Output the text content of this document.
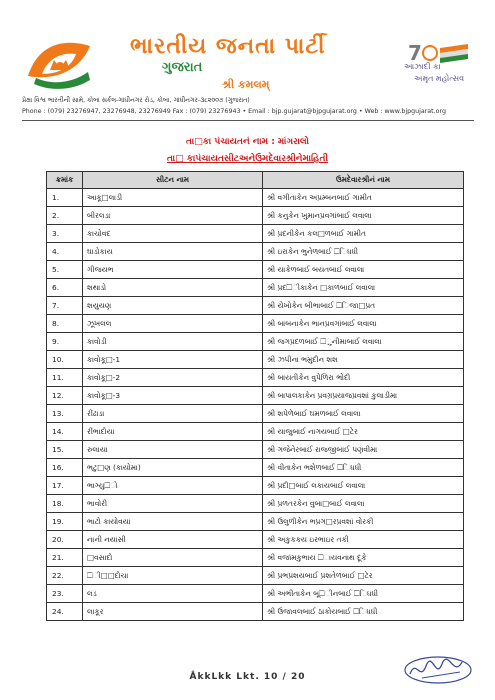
ભારતીય જનતા પાર્ટી
ગુજરાત
શ્રી કમલમ્
7
આઝાદી કા
અમૃત મહોત્સવ
પ્રેક્ષા વિશ્વ ભારતીની સામે, કોબા સર્કલ-ગાંધીનગર રોડ, કોબા, ગાંધીનગર-૩૮૨૦૦૭ (ગુજરાત)
Phone : (079) 23276947, 23276948, 23276949 Fax : (079) 23276943 • Email : bjp.gujarat@bjpgujarat.org • Web : www.bjpgujarat.org
તા□કા પંચાયતનં નામ : માંગરાલો
તા□ કાપંચાયતસીટઅનેઉમદેવારશ્રીનેમાહિતી
ક્રમાંક	સીટન નામ	ઉમદેવારશ્રીનં નામ
1.	આકૂ□લાડી	શ્રી વગીતાકેન અપ્રમ્બનબાઈ ગામીત
2.	બીરલડા	શ્રી કનુકેન ખુમાનપ્રવગાંબાઈ લવાલા
3.	કાચોવદ	શ્રી પ્રદનીકેન કલ□ળબાઈ ગામીત
4.	ઘાડોકાય	શ્રી ઇરાકેન ભુનેળબાઈ □િધધી
5.	ગીજયભ	શ્રી યાકેળબાઈ બયતબાઈ લવાલા
6.	શથાડો	શ્રી પ્રદ□ીકાકેન □કાળબાઈ લવાલા
7.	શયુયણ	શ્રી યેખોકેન બીભાબાઈ □િજા□પ્રત
8.	ઝૂખલલ	શ્રી બાબનાકેન ભાનપ્રવગાંબાઈ લવાલા
9.	કાવોડી	શ્રી જગપ્રદળબાઈ □ુનીમાબાઈ લવાલા
10.	કાવોકૂ□-1	શ્રી ઝપીના ભમુદીન શશ
11.	કાવોકૂ□-2	શ્રી બાયતીકેન વુપેળિરા ભોદી
12.	કાવોકૂ□-3	શ્રી બાપાલકાકેન પ્રવગ્રપ્રયાજપ્રવશાં કુલાડીમા
13.	રીંઢાડા	શ્રી શપેળેબાઈ ઘમળબાઈ લવાલા
14.	રીંભાદોયા	શ્રી યાજુબાઈ નાગયબાઈ □ટેર
15.	રુલાયા	શ્રી ગજેનેરબાઈ રાજજીબાઈ પણવીમા
16.	ભટુ□ણ (કાયોમા)	શ્રી વીતાકેન ભશેળબાઈ □િધધી
17.	ભાગ્યુ□ો	શ્રી પ્રદી□બાઈ લકાયબાઈ લવાલા
18.	ભાવોરી	શ્રી પ્રળતરકેન વુબા□બાઈ લવાલા
19.	ભાટો કાયોવયા	શ્રી ઉલુળીકેન ભપ્રગ□રપ્રવશાં વોરકી
20.	નાની નયાસી	શ્રી અકુકકય ઇરભાઇર તકી
21.	□વસાદો	શ્રી વજાંમકુભાય □ાયવનાથ દૂકે
22.	□ી□□દોચા	શ્રી પ્રભપ્રશયબાઈ પ્રશતેળબાઈ □ટેર
23.	લડ	શ્રી અભીતાકેન બૂ□ીનબાઈ □િધધી
24.	લાકૂર	શ્રી ઉજાવલબાઈ ઠાકોયબાઈ □િધધી
ÅkkLkk Lkt. 10 / 20
